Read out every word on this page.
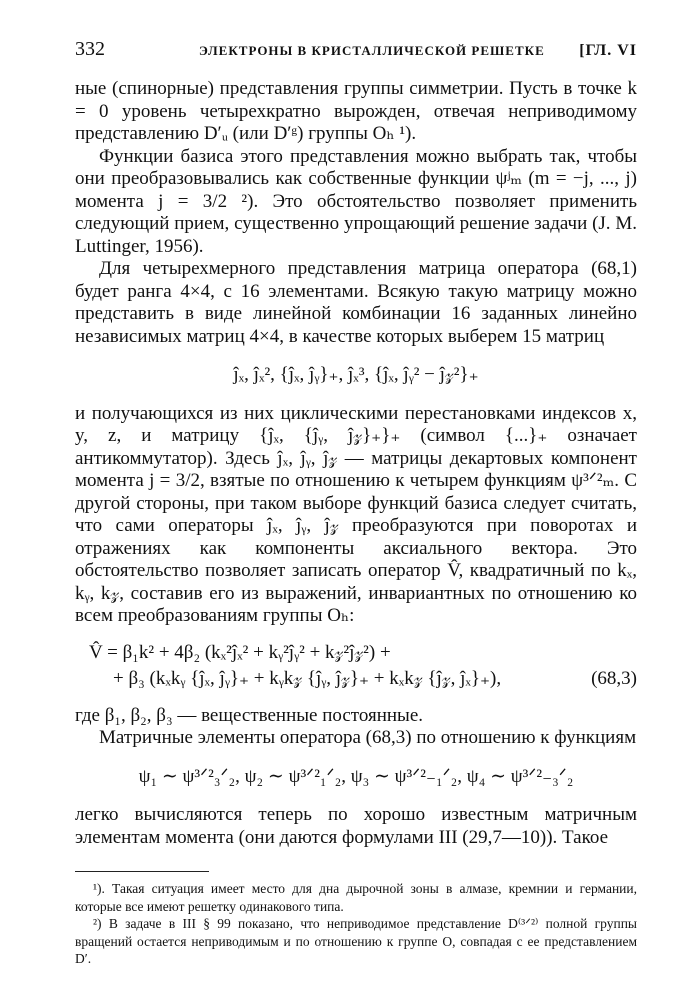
332	ЭЛЕКТРОНЫ В КРИСТАЛЛИЧЕСКОЙ РЕШЕТКЕ [ГЛ. VI

ные (спинорные) представления группы симметрии. Пусть в точке k = 0 уровень четырехкратно вырожден, отвечая неприводимому представлению D′ᵤ (или D′ᵍ) группы Oₕ ¹).

Функции базиса этого представления можно выбрать так, чтобы они преобразовывались как собственные функции ψʲₘ (m = −j, ..., j) момента j = 3/2 ²). Это обстоятельство позволяет применить следующий прием, существенно упрощающий решение задачи (J. M. Luttinger, 1956).

Для четырехмерного представления матрица оператора (68,1) будет ранга 4×4, с 16 элементами. Всякую такую матрицу можно представить в виде линейной комбинации 16 заданных линейно независимых матриц 4×4, в качестве которых выберем 15 матриц

ĵₓ, ĵₓ², {ĵₓ, ĵᵧ}₊, ĵₓ³, {ĵₓ, ĵᵧ² − ĵ𝓏²}₊

и получающихся из них циклическими перестановками индексов x, y, z, и матрицу {ĵₓ, {ĵᵧ, ĵ𝓏}₊}₊ (символ {...}₊ означает антикоммутатор). Здесь ĵₓ, ĵᵧ, ĵ𝓏 — матрицы декартовых компонент момента j = 3/2, взятые по отношению к четырем функциям ψ³ᐟ²ₘ. С другой стороны, при таком выборе функций базиса следует считать, что сами операторы ĵₓ, ĵᵧ, ĵ𝓏 преобразуются при поворотах и отражениях как компоненты аксиального вектора. Это обстоятельство позволяет записать оператор V̂, квадратичный по kₓ, kᵧ, k𝓏, составив его из выражений, инвариантных по отношению ко всем преобразованиям группы Oₕ:

V̂ = β₁k² + 4β₂ (kₓ²ĵₓ² + kᵧ²ĵᵧ² + k𝓏²ĵ𝓏²) +

+ β₃ (kₓkᵧ {ĵₓ, ĵᵧ}₊ + kᵧk𝓏 {ĵᵧ, ĵ𝓏}₊ + kₓk𝓏 {ĵ𝓏, ĵₓ}₊),	(68,3)

где β₁, β₂, β₃ — вещественные постоянные.

Матричные элементы оператора (68,3) по отношению к функциям

ψ₁ ∼ ψ³ᐟ²₃ᐟ₂, ψ₂ ∼ ψ³ᐟ²₁ᐟ₂, ψ₃ ∼ ψ³ᐟ²₋₁ᐟ₂, ψ₄ ∼ ψ³ᐟ²₋₃ᐟ₂

легко вычисляются теперь по хорошо известным матричным элементам момента (они даются формулами III (29,7—10)). Такое

¹). Такая ситуация имеет место для дна дырочной зоны в алмазе, кремнии и германии, которые все имеют решетку одинакового типа.

²) В задаче в III § 99 показано, что неприводимое представление D⁽³ᐟ²⁾ полной группы вращений остается неприводимым и по отношению к группе O, совпадая с ее представлением D′.
